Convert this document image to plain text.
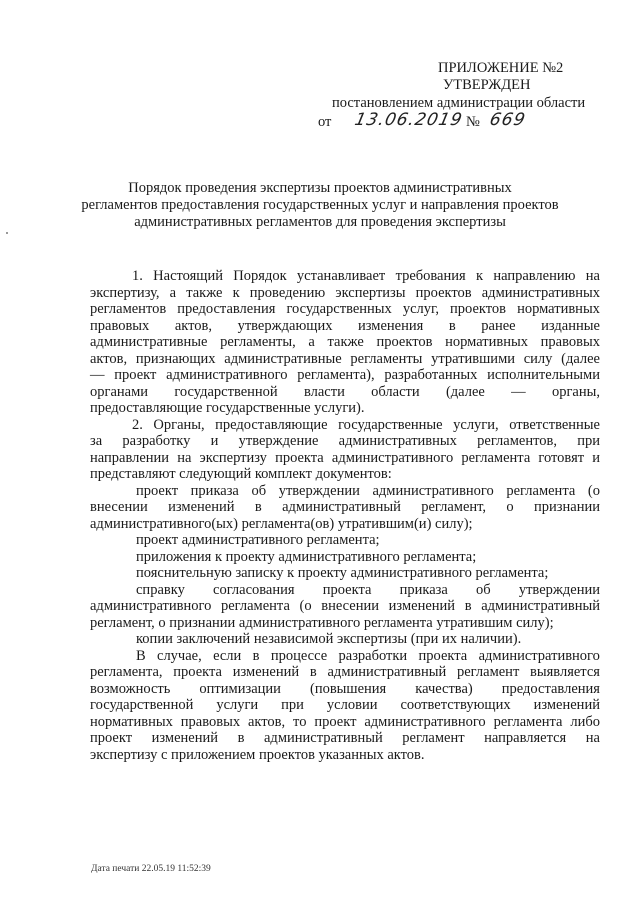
ПРИЛОЖЕНИЕ №2
УТВЕРЖДЕН
постановлением администрации области
от 13.06.2019 № 669
Порядок проведения экспертизы проектов административных
регламентов предоставления государственных услуг и направления проектов
административных регламентов для проведения экспертизы
1. Настоящий Порядок устанавливает требования к направлению на
экспертизу, а также к проведению экспертизы проектов административных
регламентов предоставления государственных услуг, проектов нормативных
правовых актов, утверждающих изменения в ранее изданные
административные регламенты, а также проектов нормативных правовых
актов, признающих административные регламенты утратившими силу (далее
— проект административного регламента), разработанных исполнительными
органами государственной власти области (далее — органы,
предоставляющие государственные услуги).
2. Органы, предоставляющие государственные услуги, ответственные
за разработку и утверждение административных регламентов, при
направлении на экспертизу проекта административного регламента готовят и
представляют следующий комплект документов:
проект приказа об утверждении административного регламента (о
внесении изменений в административный регламент, о признании
административного(ых) регламента(ов) утратившим(и) силу);
проект административного регламента;
приложения к проекту административного регламента;
пояснительную записку к проекту административного регламента;
справку согласования проекта приказа об утверждении
административного регламента (о внесении изменений в административный
регламент, о признании административного регламента утратившим силу);
копии заключений независимой экспертизы (при их наличии).
В случае, если в процессе разработки проекта административного
регламента, проекта изменений в административный регламент выявляется
возможность оптимизации (повышения качества) предоставления
государственной услуги при условии соответствующих изменений
нормативных правовых актов, то проект административного регламента либо
проект изменений в административный регламент направляется на
экспертизу с приложением проектов указанных актов.
Дата печати 22.05.19 11:52:39
